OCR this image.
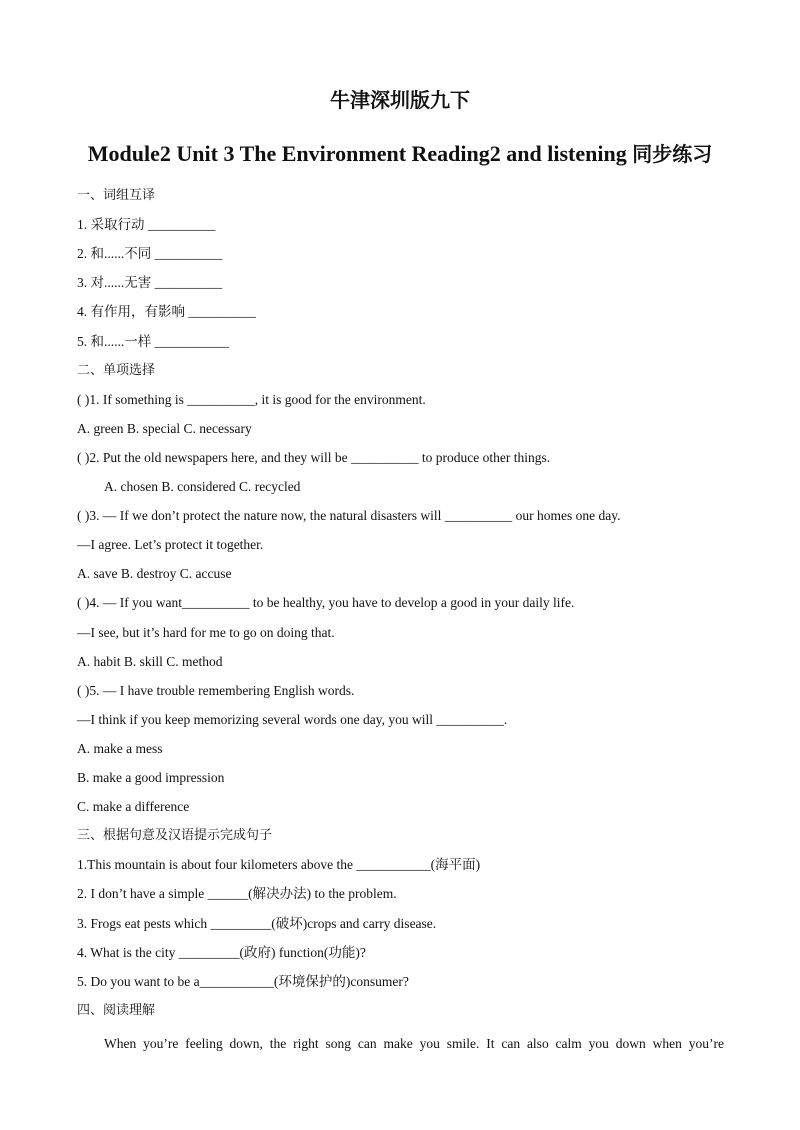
牛津深圳版九下
Module2 Unit 3 The Environment Reading2 and listening 同步练习
一、词组互译
1. 采取行动 __________
2. 和......不同 __________
3. 对......无害 __________
4. 有作用，有影响 __________
5. 和......一样 ___________
二、单项选择
( )1. If something is __________, it is good for the environment.
A. green B. special C. necessary
( )2. Put the old newspapers here, and they will be __________ to produce other things.
A. chosen B. considered C. recycled
( )3. — If we don’t protect the nature now, the natural disasters will __________ our homes one day.
—I agree. Let’s protect it together.
A. save B. destroy C. accuse
( )4. — If you want__________ to be healthy, you have to develop a good in your daily life.
—I see, but it’s hard for me to go on doing that.
A. habit B. skill C. method
( )5. — I have trouble remembering English words.
—I think if you keep memorizing several words one day, you will __________.
A. make a mess
B. make a good impression
C. make a difference
三、根据句意及汉语提示完成句子
1.This mountain is about four kilometers above the ___________(海平面)
2. I don’t have a simple ______(解决办法) to the problem.
3. Frogs eat pests which _________(破坏)crops and carry disease.
4. What is the city _________(政府) function(功能)?
5. Do you want to be a___________(环境保护的)consumer?
四、阅读理解
When you’re feeling down, the right song can make you smile. It can also calm you down when you’re
